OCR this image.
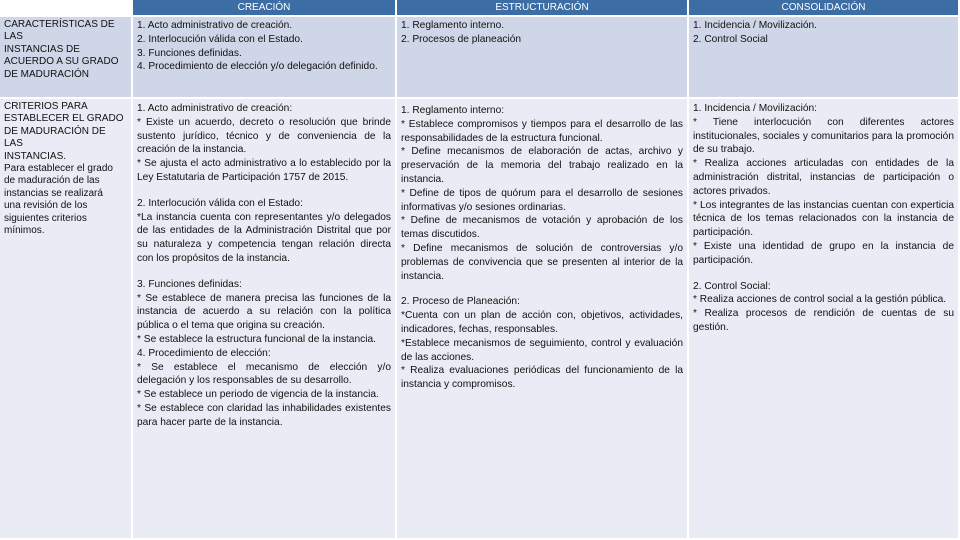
CREACIÓN	ESTRUCTURACIÓN	CONSOLIDACIÓN

CARACTERÍSTICAS DE LAS

INSTANCIAS DE

ACUERDO A SU GRADO

DE MADURACIÓN

1. Acto administrativo de creación.

2. Interlocución válida con el Estado.

3. Funciones definidas.

4. Procedimiento de elección y/o delegación definido.

1. Reglamento interno.

2. Procesos de planeación

1. Incidencia / Movilización.

2. Control Social

CRITERIOS PARA

ESTABLECER EL GRADO

DE MADURACIÓN DE LAS

INSTANCIAS.

Para establecer el grado

de maduración de las

instancias se realizará

una revisión de los

siguientes criterios

mínimos.

1. Acto administrativo de creación:

* Existe un acuerdo, decreto o resolución que brinde sustento jurídico, técnico y de conveniencia de la creación de la instancia.

* Se ajusta el acto administrativo a lo establecido por la Ley Estatutaria de Participación 1757 de 2015.

2. Interlocución válida con el Estado:

*La instancia cuenta con representantes y/o delegados de las entidades de la Administración Distrital que por su naturaleza y competencia tengan relación directa con los propósitos de la instancia.

3. Funciones definidas:

* Se establece de manera precisa las funciones de la instancia de acuerdo a su relación con la política pública o el tema que origina su creación.

* Se establece la estructura funcional de la instancia.

4. Procedimiento de elección:

* Se establece el mecanismo de elección y/o delegación y los responsables de su desarrollo.

* Se establece un periodo de vigencia de la instancia.

* Se establece con claridad las inhabilidades existentes para hacer parte de la instancia.

1. Reglamento interno:

* Establece compromisos y tiempos para el desarrollo de las responsabilidades de la estructura funcional.

* Define mecanismos de elaboración de actas, archivo y preservación de la memoria del trabajo realizado en la instancia.

* Define de tipos de quórum para el desarrollo de sesiones informativas y/o sesiones ordinarias.

* Define de mecanismos de votación y aprobación de los temas discutidos.

* Define mecanismos de solución de controversias y/o problemas de convivencia que se presenten al interior de la instancia.

2. Proceso de Planeación:

*Cuenta con un plan de acción con, objetivos, actividades, indicadores, fechas, responsables.

*Establece mecanismos de seguimiento, control y evaluación de las acciones.

* Realiza evaluaciones periódicas del funcionamiento de la instancia y compromisos.

1. Incidencia / Movilización:

* Tiene interlocución con diferentes actores institucionales, sociales y comunitarios para la promoción de su trabajo.

* Realiza acciones articuladas con entidades de la administración distrital, instancias de participación o actores privados.

* Los integrantes de las instancias cuentan con experticia técnica de los temas relacionados con la instancia de participación.

* Existe una identidad de grupo en la instancia de participación.

2. Control Social:

* Realiza acciones de control social a la gestión pública.

* Realiza procesos de rendición de cuentas de su gestión.
